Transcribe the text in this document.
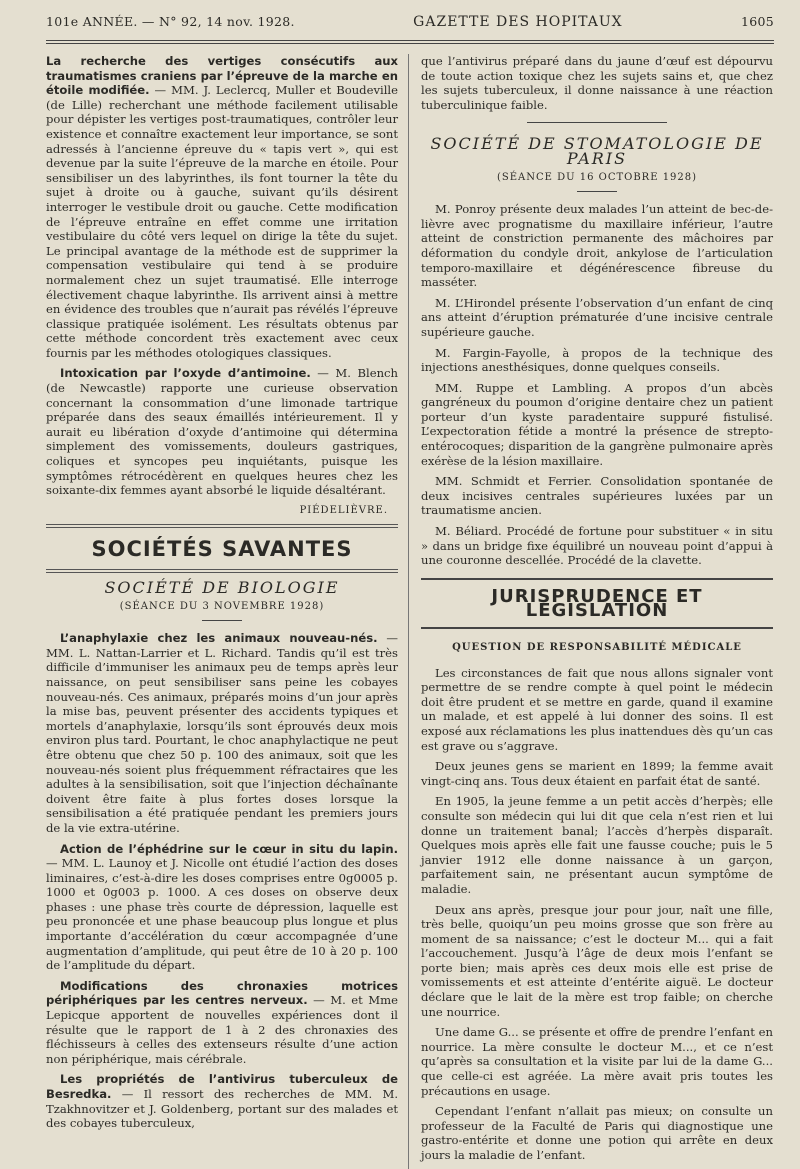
101e ANNÉE. — N° 92, 14 nov. 1928.	GAZETTE DES HOPITAUX	1605

La recherche des vertiges consécutifs aux traumatismes craniens par l’épreuve de la marche en étoile modifiée. — MM. J. Leclercq, Muller et Boudeville (de Lille) recherchant une méthode facilement utilisable pour dépister les vertiges post-traumatiques, contrôler leur existence et connaître exactement leur importance, se sont adressés à l’ancienne épreuve du « tapis vert », qui est devenue par la suite l’épreuve de la marche en étoile. Pour sensibiliser un des labyrinthes, ils font tourner la tête du sujet à droite ou à gauche, suivant qu’ils désirent interroger le vestibule droit ou gauche. Cette modification de l’épreuve entraîne en effet comme une irritation vestibulaire du côté vers lequel on dirige la tête du sujet. Le principal avantage de la méthode est de supprimer la compensation vestibulaire qui tend à se produire normalement chez un sujet traumatisé. Elle interroge électivement chaque labyrinthe. Ils arrivent ainsi à mettre en évidence des troubles que n’aurait pas révélés l’épreuve classique pratiquée isolément. Les résultats obtenus par cette méthode concordent très exactement avec ceux fournis par les méthodes otologiques classiques.

Intoxication par l’oxyde d’antimoine. — M. Blench (de Newcastle) rapporte une curieuse observation concernant la consommation d’une limonade tartrique préparée dans des seaux émaillés intérieurement. Il y aurait eu libération d’oxyde d’antimoine qui détermina simplement des vomissements, douleurs gastriques, coliques et syncopes peu inquiétants, puisque les symptômes rétrocédèrent en quelques heures chez les soixante-dix femmes ayant absorbé le liquide désaltérant.

PIÉDELIÈVRE.
SOCIÉTÉS SAVANTES
SOCIÉTÉ DE BIOLOGIE
(SÉANCE DU 3 NOVEMBRE 1928)

L’anaphylaxie chez les animaux nouveau-nés. — MM. L. Nattan-Larrier et L. Richard. Tandis qu’il est très difficile d’immuniser les animaux peu de temps après leur naissance, on peut sensibiliser sans peine les cobayes nouveau-nés. Ces animaux, préparés moins d’un jour après la mise bas, peuvent présenter des accidents typiques et mortels d’anaphylaxie, lorsqu’ils sont éprouvés deux mois environ plus tard. Pourtant, le choc anaphylactique ne peut être obtenu que chez 50 p. 100 des animaux, soit que les nouveau-nés soient plus fréquemment réfractaires que les adultes à la sensibilisation, soit que l’injection déchaînante doivent être faite à plus fortes doses lorsque la sensibilisation a été pratiquée pendant les premiers jours de la vie extra-utérine.

Action de l’éphédrine sur le cœur in situ du lapin. — MM. L. Launoy et J. Nicolle ont étudié l’action des doses liminaires, c’est-à-dire les doses comprises entre 0g0005 p. 1000 et 0g003 p. 1000. A ces doses on observe deux phases : une phase très courte de dépression, laquelle est peu prononcée et une phase beaucoup plus longue et plus importante d’accélération du cœur accompagnée d’une augmentation d’amplitude, qui peut être de 10 à 20 p. 100 de l’amplitude du départ.

Modifications des chronaxies motrices périphériques par les centres nerveux. — M. et Mme Lepicque apportent de nouvelles expériences dont il résulte que le rapport de 1 à 2 des chronaxies des fléchisseurs à celles des extenseurs résulte d’une action non périphérique, mais cérébrale.

Les propriétés de l’antivirus tuberculeux de Besredka. — Il ressort des recherches de MM. M. Tzakhnovitzer et J. Goldenberg, portant sur des malades et des cobayes tuberculeux,

que l’antivirus préparé dans du jaune d’œuf est dépourvu de toute action toxique chez les sujets sains et, que chez les sujets tuberculeux, il donne naissance à une réaction tuberculinique faible.

SOCIÉTÉ DE STOMATOLOGIE DE PARIS
(SÉANCE DU 16 OCTOBRE 1928)

M. Ponroy présente deux malades l’un atteint de bec-de-lièvre avec prognatisme du maxillaire inférieur, l’autre atteint de constriction permanente des mâchoires par déformation du condyle droit, ankylose de l’articulation temporo-maxillaire et dégénérescence fibreuse du masséter.

M. L’Hirondel présente l’observation d’un enfant de cinq ans atteint d’éruption prématurée d’une incisive centrale supérieure gauche.

M. Fargin-Fayolle, à propos de la technique des injections anesthésiques, donne quelques conseils.

MM. Ruppe et Lambling. A propos d’un abcès gangréneux du poumon d’origine dentaire chez un patient porteur d’un kyste paradentaire suppuré fistulisé. L’expectoration fétide a montré la présence de strepto-entérocoques; disparition de la gangrène pulmonaire après exérèse de la lésion maxillaire.

MM. Schmidt et Ferrier. Consolidation spontanée de deux incisives centrales supérieures luxées par un traumatisme ancien.

M. Béliard. Procédé de fortune pour substituer « in situ » dans un bridge fixe équilibré un nouveau point d’appui à une couronne descellée. Procédé de la clavette.

JURISPRUDENCE ET LÉGISLATION
QUESTION DE RESPONSABILITÉ MÉDICALE

Les circonstances de fait que nous allons signaler vont permettre de se rendre compte à quel point le médecin doit être prudent et se mettre en garde, quand il examine un malade, et est appelé à lui donner des soins. Il est exposé aux réclamations les plus inattendues dès qu’un cas est grave ou s’aggrave.

Deux jeunes gens se marient en 1899; la femme avait vingt-cinq ans. Tous deux étaient en parfait état de santé.

En 1905, la jeune femme a un petit accès d’herpès; elle consulte son médecin qui lui dit que cela n’est rien et lui donne un traitement banal; l’accès d’herpès disparaît. Quelques mois après elle fait une fausse couche; puis le 5 janvier 1912 elle donne naissance à un garçon, parfaitement sain, ne présentant aucun symptôme de maladie.

Deux ans après, presque jour pour jour, naît une fille, très belle, quoiqu’un peu moins grosse que son frère au moment de sa naissance; c’est le docteur M... qui a fait l’accouchement. Jusqu’à l’âge de deux mois l’enfant se porte bien; mais après ces deux mois elle est prise de vomissements et est atteinte d’entérite aiguë. Le docteur déclare que le lait de la mère est trop faible; on cherche une nourrice.

Une dame G... se présente et offre de prendre l’enfant en nourrice. La mère consulte le docteur M..., et ce n’est qu’après sa consultation et la visite par lui de la dame G... que celle-ci est agréée. La mère avait pris toutes les précautions en usage.

Cependant l’enfant n’allait pas mieux; on consulte un professeur de la Faculté de Paris qui diagnostique une gastro-entérite et donne une potion qui arrête en deux jours la maladie de l’enfant.
